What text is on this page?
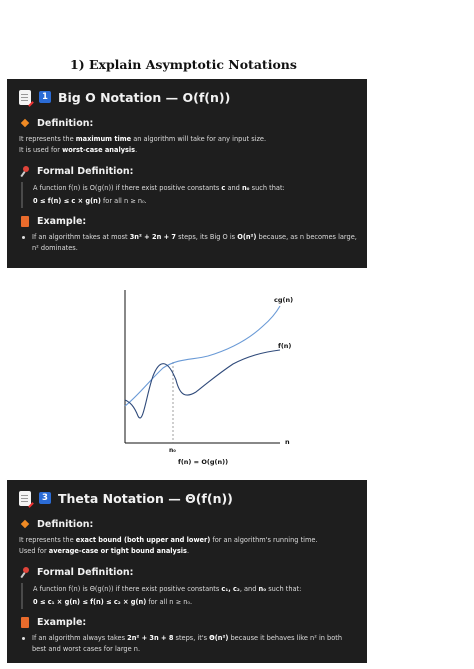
1) Explain Asymptotic Notations
1 Big O Notation — O(f(n))
Definition:
It represents the maximum time an algorithm will take for any input size.
It is used for worst-case analysis.
Formal Definition:
A function f(n) is O(g(n)) if there exist positive constants c and n₀ such that:
0 ≤ f(n) ≤ c × g(n) for all n ≥ n₀.
Example:
If an algorithm takes at most 3n² + 2n + 7 steps, its Big O is O(n²) because, as n becomes large, n² dominates.
cg(n)
f(n)
n
n₀
f(n) = O(g(n))
3 Theta Notation — Θ(f(n))
Definition:
It represents the exact bound (both upper and lower) for an algorithm's running time.
Used for average-case or tight bound analysis.
Formal Definition:
A function f(n) is Θ(g(n)) if there exist positive constants c₁, c₂, and n₀ such that:
0 ≤ c₁ × g(n) ≤ f(n) ≤ c₂ × g(n) for all n ≥ n₀.
Example:
If an algorithm always takes 2n² + 3n + 8 steps, it's Θ(n²) because it behaves like n² in both best and worst cases for large n.
